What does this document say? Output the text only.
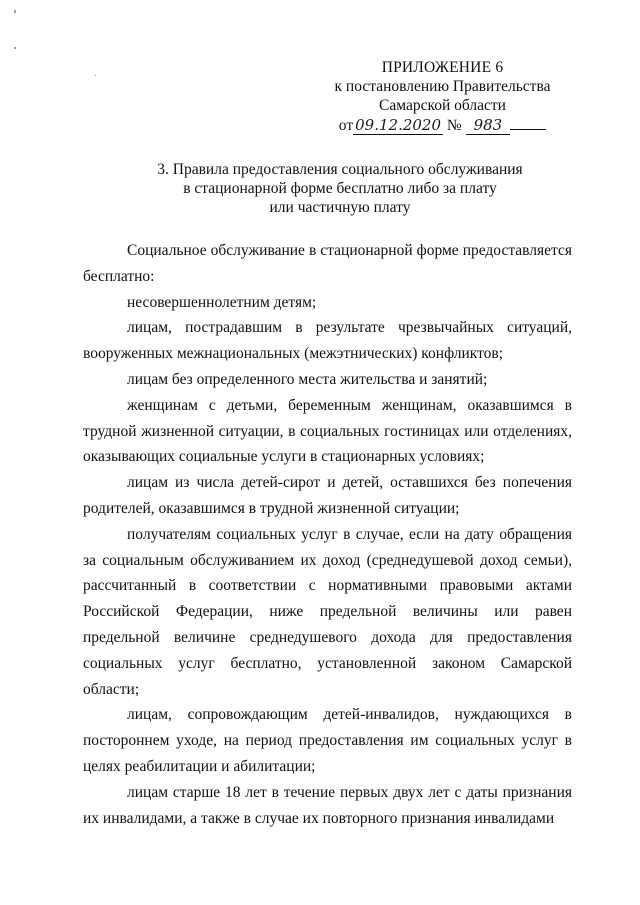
ПРИЛОЖЕНИЕ 6
к постановлению Правительства
Самарской области
от 09.12.2020 № 983
3. Правила предоставления социального обслуживания
в стационарной форме бесплатно либо за плату
или частичную плату

Социальное обслуживание в стационарной форме предоставляется бесплатно:

несовершеннолетним детям;

лицам, пострадавшим в результате чрезвычайных ситуаций, вооруженных межнациональных (межэтнических) конфликтов;

лицам без определенного места жительства и занятий;

женщинам с детьми, беременным женщинам, оказавшимся в трудной жизненной ситуации, в социальных гостиницах или отделениях, оказывающих социальные услуги в стационарных условиях;

лицам из числа детей-сирот и детей, оставшихся без попечения родителей, оказавшимся в трудной жизненной ситуации;

получателям социальных услуг в случае, если на дату обращения за социальным обслуживанием их доход (среднедушевой доход семьи), рассчитанный в соответствии с нормативными правовыми актами Российской Федерации, ниже предельной величины или равен предельной величине среднедушевого дохода для предоставления социальных услуг бесплатно, установленной законом Самарской области;

лицам, сопровождающим детей-инвалидов, нуждающихся в постороннем уходе, на период предоставления им социальных услуг в целях реабилитации и абилитации;

лицам старше 18 лет в течение первых двух лет с даты признания их инвалидами, а также в случае их повторного признания инвалидами
